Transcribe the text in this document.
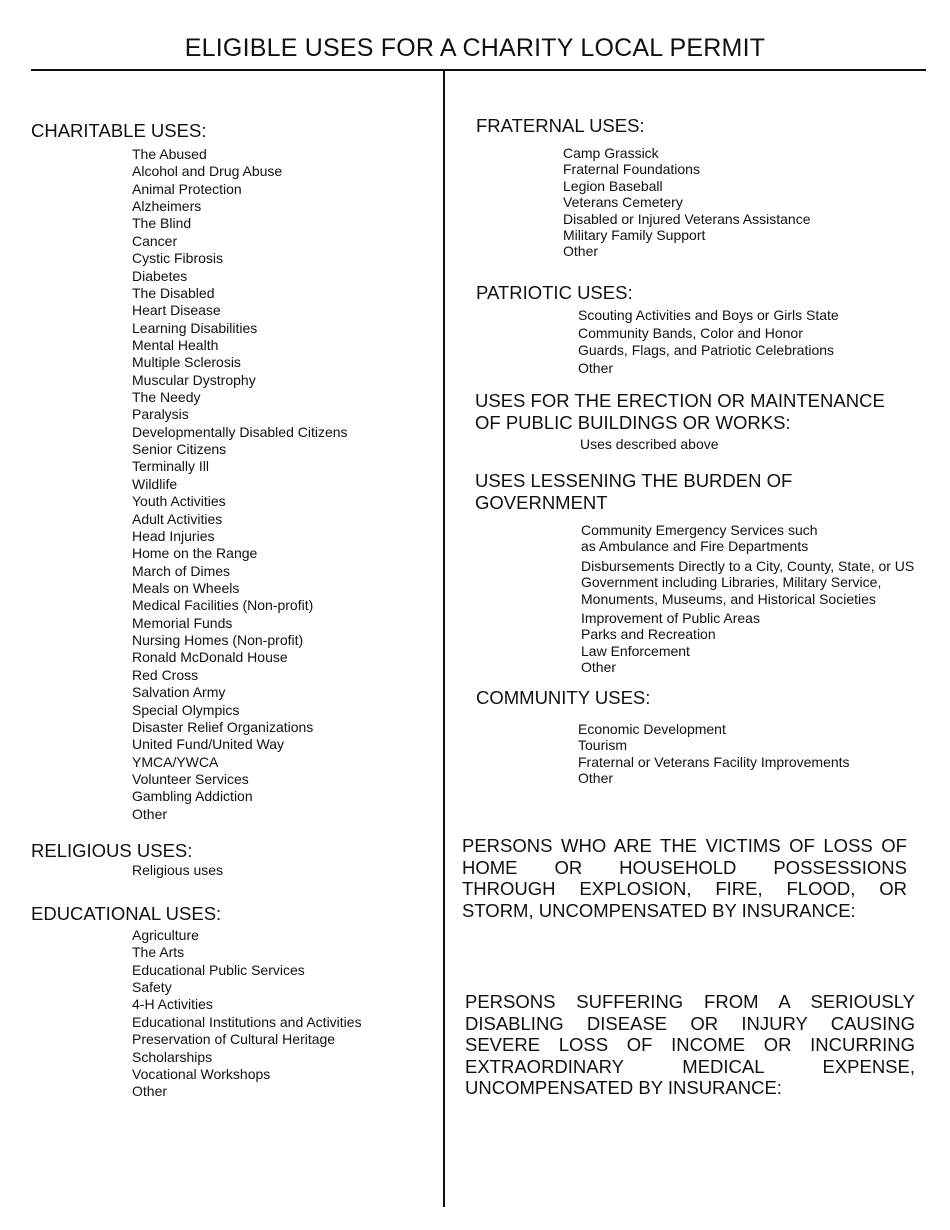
ELIGIBLE USES FOR A CHARITY LOCAL PERMIT
CHARITABLE USES:
The Abused
Alcohol and Drug Abuse
Animal Protection
Alzheimers
The Blind
Cancer
Cystic Fibrosis
Diabetes
The Disabled
Heart Disease
Learning Disabilities
Mental Health
Multiple Sclerosis
Muscular Dystrophy
The Needy
Paralysis
Developmentally Disabled Citizens
Senior Citizens
Terminally Ill
Wildlife
Youth Activities
Adult Activities
Head Injuries
Home on the Range
March of Dimes
Meals on Wheels
Medical Facilities (Non-profit)
Memorial Funds
Nursing Homes (Non-profit)
Ronald McDonald House
Red Cross
Salvation Army
Special Olympics
Disaster Relief Organizations
United Fund/United Way
YMCA/YWCA
Volunteer Services
Gambling Addiction
Other
RELIGIOUS USES:
Religious uses
EDUCATIONAL USES:
Agriculture
The Arts
Educational Public Services
Safety
4-H Activities
Educational Institutions and Activities
Preservation of Cultural Heritage
Scholarships
Vocational Workshops
Other
FRATERNAL USES:
Camp Grassick
Fraternal Foundations
Legion Baseball
Veterans Cemetery
Disabled or Injured Veterans Assistance
Military Family Support
Other
PATRIOTIC USES:
Scouting Activities and Boys or Girls State
Community Bands, Color and Honor
Guards, Flags, and Patriotic Celebrations
Other
USES FOR THE ERECTION OR MAINTENANCE
OF PUBLIC BUILDINGS OR WORKS:
Uses described above
USES LESSENING THE BURDEN OF
GOVERNMENT
Community Emergency Services such
as Ambulance and Fire Departments
Disbursements Directly to a City, County, State, or US
Government including Libraries, Military Service,
Monuments, Museums, and Historical Societies
Improvement of Public Areas
Parks and Recreation
Law Enforcement
Other
COMMUNITY USES:
Economic Development
Tourism
Fraternal or Veterans Facility Improvements
Other
PERSONS WHO ARE THE VICTIMS OF LOSS OF HOME OR HOUSEHOLD POSSESSIONS THROUGH EXPLOSION, FIRE, FLOOD, OR STORM, UNCOMPENSATED BY INSURANCE:
PERSONS SUFFERING FROM A SERIOUSLY DISABLING DISEASE OR INJURY CAUSING SEVERE LOSS OF INCOME OR INCURRING EXTRAORDINARY MEDICAL EXPENSE, UNCOMPENSATED BY INSURANCE:
